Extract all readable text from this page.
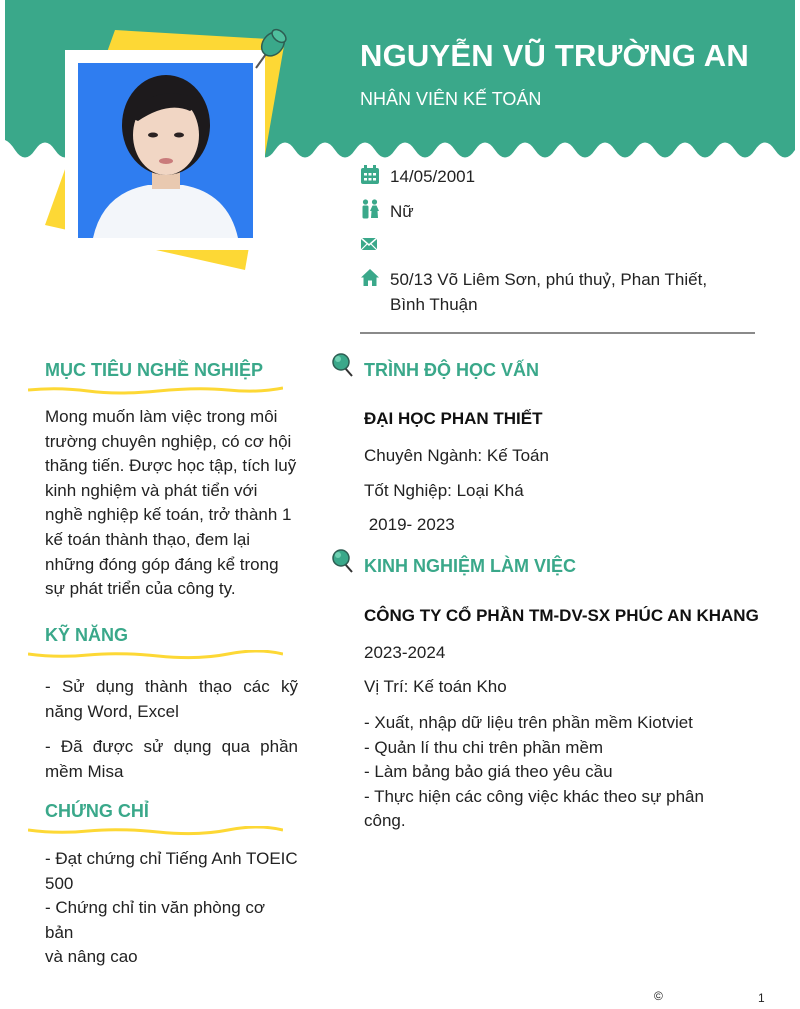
NGUYỄN VŨ TRƯỜNG AN
NHÂN VIÊN KẾ TOÁN
14/05/2001
Nữ
50/13 Võ Liêm Sơn, phú thuỷ, Phan Thiết,
Bình Thuận
MỤC TIÊU NGHỀ NGHIỆP
Mong muốn làm việc trong môi
trường chuyên nghiệp, có cơ hội
thăng tiến. Được học tập, tích luỹ
kinh nghiệm và phát tiển với
nghề nghiệp kế toán, trở thành 1
kế toán thành thạo, đem lại
những đóng góp đáng kể trong
sự phát triển của công ty.
KỸ NĂNG
- Sử dụng thành thạo các kỹ năng Word, Excel
- Đã được sử dụng qua phần mềm Misa
CHỨNG CHỈ
- Đạt chứng chỉ Tiếng Anh TOEIC
500
- Chứng chỉ tin văn phòng cơ bản
và nâng cao
TRÌNH ĐỘ HỌC VẤN
ĐẠI HỌC PHAN THIẾT
Chuyên Ngành: Kế Toán
Tốt Nghiệp: Loại Khá
2019- 2023
KINH NGHIỆM LÀM VIỆC
CÔNG TY CỔ PHẦN TM-DV-SX PHÚC AN KHANG
2023-2024
Vị Trí: Kế toán Kho
- Xuất, nhập dữ liệu trên phần mềm Kiotviet
- Quản lí thu chi trên phần mềm
- Làm bảng bảo giá theo yêu cầu
- Thực hiện các công việc khác theo sự phân
công.
©	1
